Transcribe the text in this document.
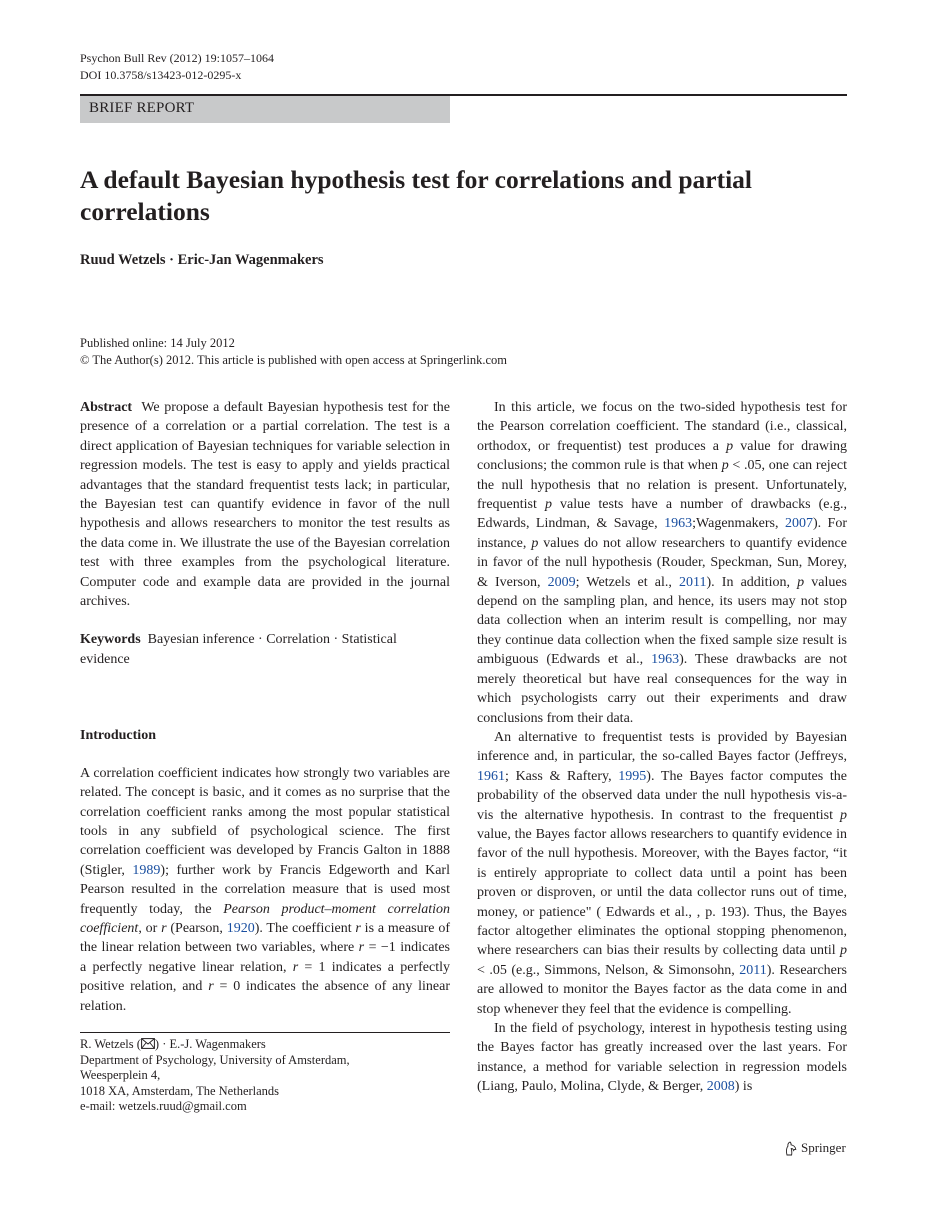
Psychon Bull Rev (2012) 19:1057–1064
DOI 10.3758/s13423-012-0295-x
BRIEF REPORT
A default Bayesian hypothesis test for correlations and partial correlations
Ruud Wetzels · Eric-Jan Wagenmakers
Published online: 14 July 2012
© The Author(s) 2012. This article is published with open access at Springerlink.com

Abstract We propose a default Bayesian hypothesis test for the presence of a correlation or a partial correlation. The test is a direct application of Bayesian techniques for variable selection in regression models. The test is easy to apply and yields practical advantages that the standard frequentist tests lack; in particular, the Bayesian test can quantify evidence in favor of the null hypothesis and allows researchers to monitor the test results as the data come in. We illustrate the use of the Bayesian correlation test with three examples from the psychological literature. Computer code and example data are provided in the journal archives.

Keywords Bayesian inference · Correlation · Statistical evidence

Introduction

A correlation coefficient indicates how strongly two variables are related. The concept is basic, and it comes as no surprise that the correlation coefficient ranks among the most popular statistical tools in any subfield of psychological science. The first correlation coefficient was developed by Francis Galton in 1888 (Stigler, 1989); further work by Francis Edgeworth and Karl Pearson resulted in the correlation measure that is used most frequently today, the Pearson product–moment correlation coefficient, or r (Pearson, 1920). The coefficient r is a measure of the linear relation between two variables, where r = −1 indicates a perfectly negative linear relation, r = 1 indicates a perfectly positive relation, and r = 0 indicates the absence of any linear relation.

R. Wetzels ( ) · E.-J. Wagenmakers
Department of Psychology, University of Amsterdam,
Weesperplein 4,
1018 XA, Amsterdam, The Netherlands
e-mail: wetzels.ruud@gmail.com

In this article, we focus on the two-sided hypothesis test for the Pearson correlation coefficient. The standard (i.e., classical, orthodox, or frequentist) test produces a p value for drawing conclusions; the common rule is that when p < .05, one can reject the null hypothesis that no relation is present. Unfortunately, frequentist p value tests have a number of drawbacks (e.g., Edwards, Lindman, & Savage, 1963;Wagenmakers, 2007). For instance, p values do not allow researchers to quantify evidence in favor of the null hypothesis (Rouder, Speckman, Sun, Morey, & Iverson, 2009; Wetzels et al., 2011). In addition, p values depend on the sampling plan, and hence, its users may not stop data collection when an interim result is compelling, nor may they continue data collection when the fixed sample size result is ambiguous (Edwards et al., 1963). These drawbacks are not merely theoretical but have real consequences for the way in which psychologists carry out their experiments and draw conclusions from their data.

An alternative to frequentist tests is provided by Bayesian inference and, in particular, the so-called Bayes factor (Jeffreys, 1961; Kass & Raftery, 1995). The Bayes factor computes the probability of the observed data under the null hypothesis vis-a-vis the alternative hypothesis. In contrast to the frequentist p value, the Bayes factor allows researchers to quantify evidence in favor of the null hypothesis. Moreover, with the Bayes factor, “it is entirely appropriate to collect data until a point has been proven or disproven, or until the data collector runs out of time, money, or patience" ( Edwards et al., , p. 193). Thus, the Bayes factor altogether eliminates the optional stopping phenomenon, where researchers can bias their results by collecting data until p < .05 (e.g., Simmons, Nelson, & Simonsohn, 2011). Researchers are allowed to monitor the Bayes factor as the data come in and stop whenever they feel that the evidence is compelling.

In the field of psychology, interest in hypothesis testing using the Bayes factor has greatly increased over the last years. For instance, a method for variable selection in regression models (Liang, Paulo, Molina, Clyde, & Berger, 2008) is

Springer
